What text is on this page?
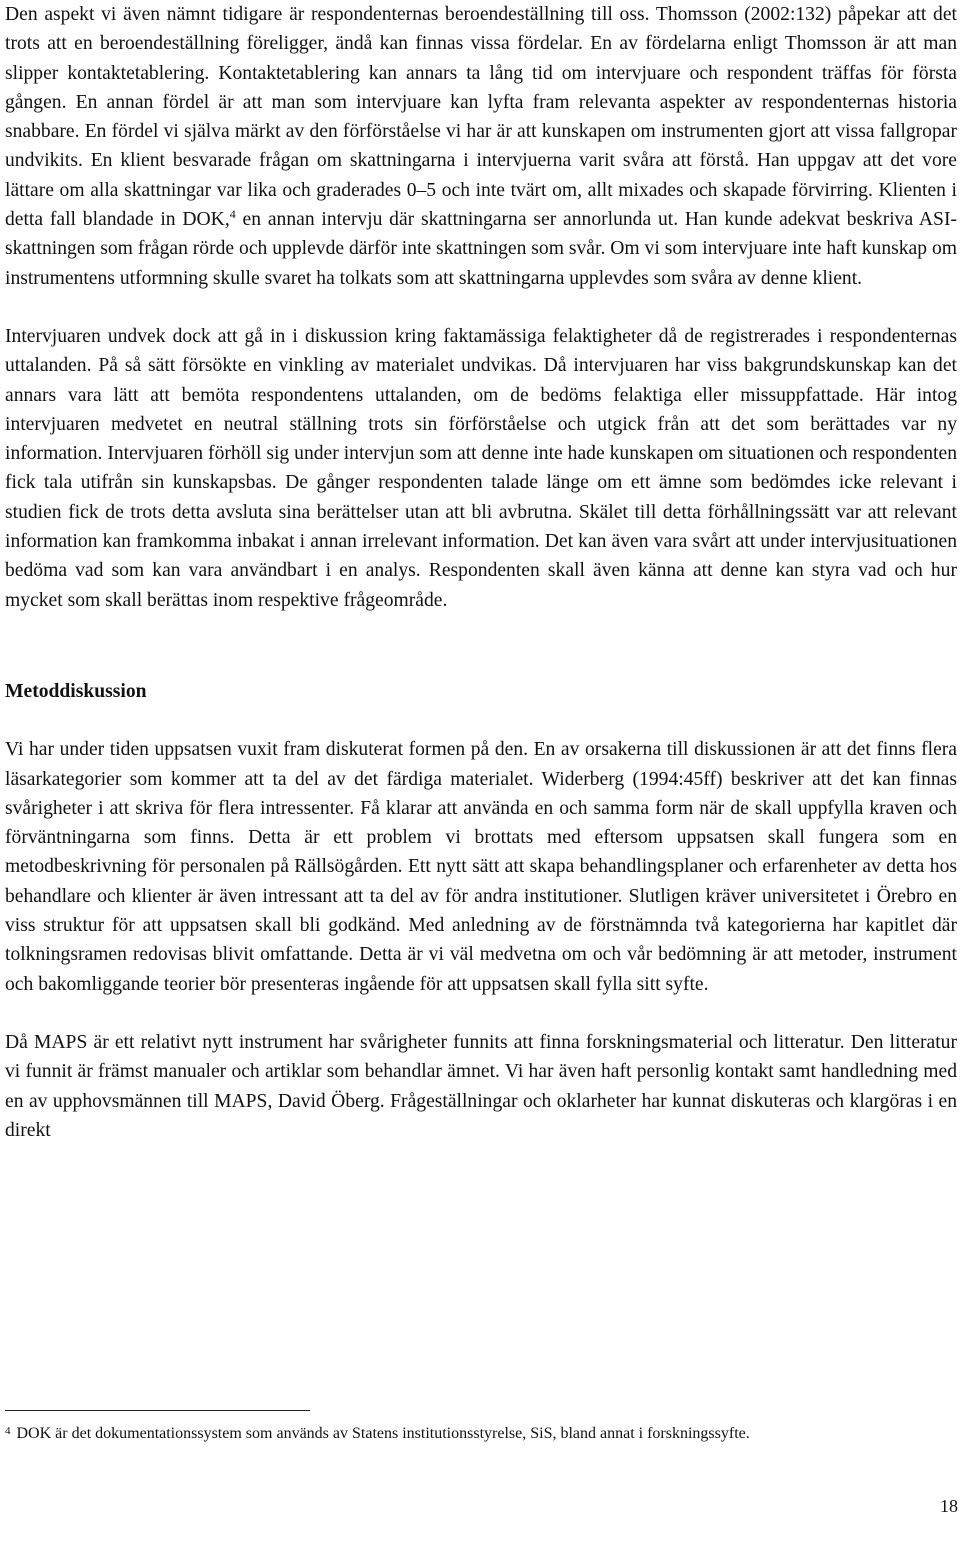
Den aspekt vi även nämnt tidigare är respondenternas beroendeställning till oss. Thomsson (2002:132) påpekar att det trots att en beroendeställning föreligger, ändå kan finnas vissa fördelar. En av fördelarna enligt Thomsson är att man slipper kontaktetablering. Kontaktetablering kan annars ta lång tid om intervjuare och respondent träffas för första gången. En annan fördel är att man som intervjuare kan lyfta fram relevanta aspekter av respondenternas historia snabbare. En fördel vi själva märkt av den förförståelse vi har är att kunskapen om instrumenten gjort att vissa fallgropar undvikits. En klient besvarade frågan om skattningarna i intervjuerna varit svåra att förstå. Han uppgav att det vore lättare om alla skattningar var lika och graderades 0–5 och inte tvärt om, allt mixades och skapade förvirring. Klienten i detta fall blandade in DOK,$^4$ en annan intervju där skattningarna ser annorlunda ut. Han kunde adekvat beskriva ASI-skattningen som frågan rörde och upplevde därför inte skattningen som svår. Om vi som intervjuare inte haft kunskap om instrumentens utformning skulle svaret ha tolkats som att skattningarna upplevdes som svåra av denne klient.

Intervjuaren undvek dock att gå in i diskussion kring faktamässiga felaktigheter då de registrerades i respondenternas uttalanden. På så sätt försökte en vinkling av materialet undvikas. Då intervjuaren har viss bakgrundskunskap kan det annars vara lätt att bemöta respondentens uttalanden, om de bedöms felaktiga eller missuppfattade. Här intog intervjuaren medvetet en neutral ställning trots sin förförståelse och utgick från att det som berättades var ny information. Intervjuaren förhöll sig under intervjun som att denne inte hade kunskapen om situationen och respondenten fick tala utifrån sin kunskapsbas. De gånger respondenten talade länge om ett ämne som bedömdes icke relevant i studien fick de trots detta avsluta sina berättelser utan att bli avbrutna. Skälet till detta förhållningssätt var att relevant information kan framkomma inbakat i annan irrelevant information. Det kan även vara svårt att under intervjusituationen bedöma vad som kan vara användbart i en analys. Respondenten skall även känna att denne kan styra vad och hur mycket som skall berättas inom respektive frågeområde.

Metoddiskussion

Vi har under tiden uppsatsen vuxit fram diskuterat formen på den. En av orsakerna till diskussionen är att det finns flera läsarkategorier som kommer att ta del av det färdiga materialet. Widerberg (1994:45ff) beskriver att det kan finnas svårigheter i att skriva för flera intressenter. Få klarar att använda en och samma form när de skall uppfylla kraven och förväntningarna som finns. Detta är ett problem vi brottats med eftersom uppsatsen skall fungera som en metodbeskrivning för personalen på Rällsögården. Ett nytt sätt att skapa behandlingsplaner och erfarenheter av detta hos behandlare och klienter är även intressant att ta del av för andra institutioner. Slutligen kräver universitetet i Örebro en viss struktur för att uppsatsen skall bli godkänd. Med anledning av de förstnämnda två kategorierna har kapitlet där tolkningsramen redovisas blivit omfattande. Detta är vi väl medvetna om och vår bedömning är att metoder, instrument och bakomliggande teorier bör presenteras ingående för att uppsatsen skall fylla sitt syfte.

Då MAPS är ett relativt nytt instrument har svårigheter funnits att finna forskningsmaterial och litteratur. Den litteratur vi funnit är främst manualer och artiklar som behandlar ämnet. Vi har även haft personlig kontakt samt handledning med en av upphovsmännen till MAPS, David Öberg. Frågeställningar och oklarheter har kunnat diskuteras och klargöras i en direkt

$^4$ DOK är det dokumentationssystem som används av Statens institutionsstyrelse, SiS, bland annat i forskningssyfte.
18
